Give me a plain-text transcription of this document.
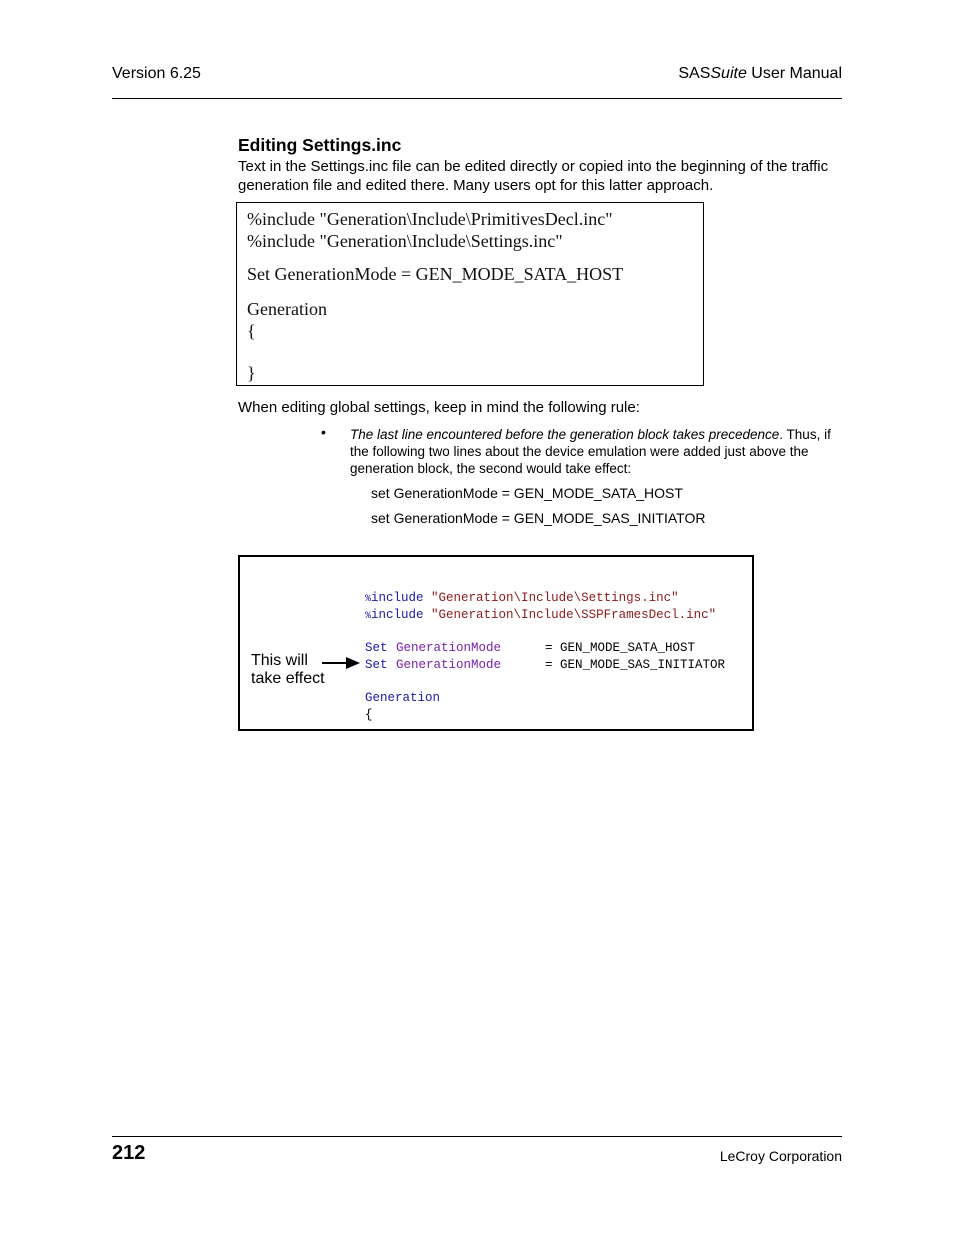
Version 6.25	SASSuite User Manual
Editing Settings.inc
Text in the Settings.inc file can be edited directly or copied into the beginning of the traffic generation file and edited there. Many users opt for this latter approach.
%include "Generation\Include\PrimitivesDecl.inc"
%include "Generation\Include\Settings.inc"
Set GenerationMode = GEN_MODE_SATA_HOST
Generation
{
}
When editing global settings, keep in mind the following rule:
• The last line encountered before the generation block takes precedence. Thus, if the following two lines about the device emulation were added just above the generation block, the second would take effect:
set GenerationMode = GEN_MODE_SATA_HOST
set GenerationMode = GEN_MODE_SAS_INITIATOR
%include "Generation\Include\Settings.inc"
%include "Generation\Include\SSPFramesDecl.inc"
Set GenerationMode	= GEN_MODE_SATA_HOST
Set GenerationMode	= GEN_MODE_SAS_INITIATOR
Generation
{
This will
take effect
212	LeCroy Corporation
